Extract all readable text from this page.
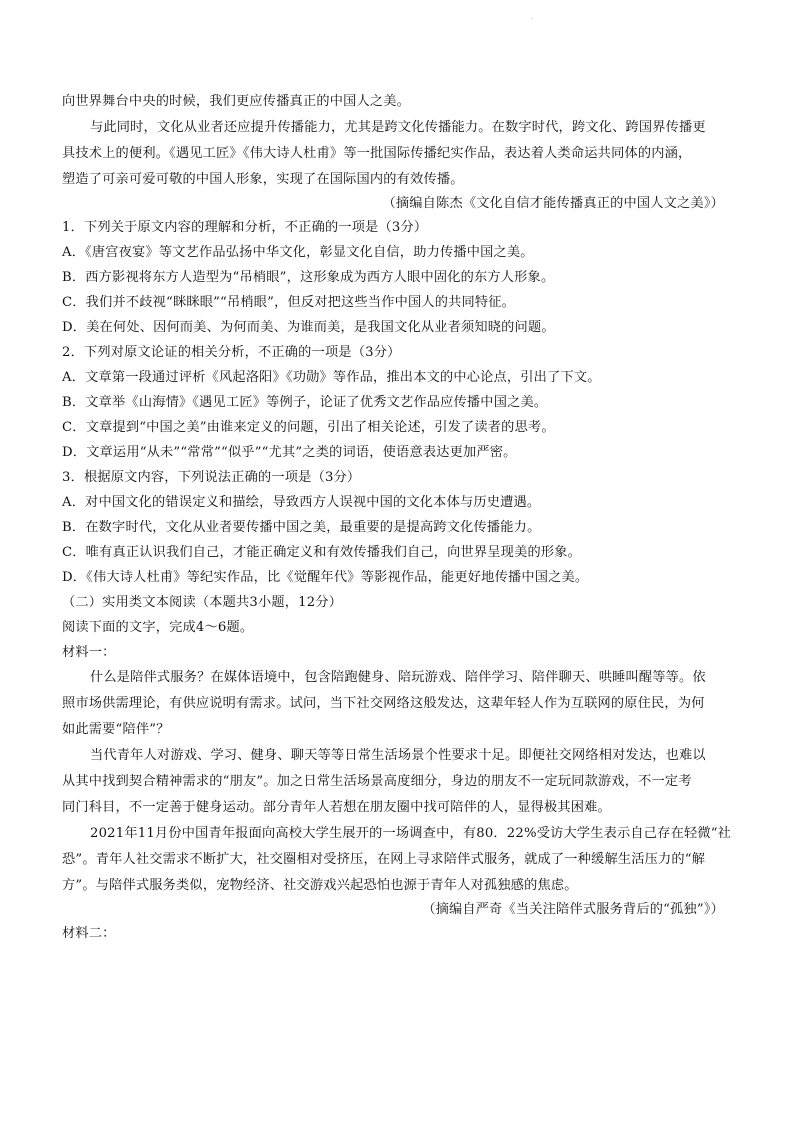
.
向世界舞台中央的时候，我们更应传播真正的中国人之美。
与此同时，文化从业者还应提升传播能力，尤其是跨文化传播能力。在数字时代，跨文化、跨国界传播更
具技术上的便利。《遇见工匠》《伟大诗人杜甫》等一批国际传播纪实作品，表达着人类命运共同体的内涵，
塑造了可亲可爱可敬的中国人形象，实现了在国际国内的有效传播。
（摘编自陈杰《文化自信才能传播真正的中国人文之美》）
1．下列关于原文内容的理解和分析，不正确的一项是（3分）
A．《唐宫夜宴》等文艺作品弘扬中华文化，彰显文化自信，助力传播中国之美。
B．西方影视将东方人造型为“吊梢眼”，这形象成为西方人眼中固化的东方人形象。
C．我们并不歧视“眯眯眼”“吊梢眼”，但反对把这些当作中国人的共同特征。
D．美在何处、因何而美、为何而美、为谁而美，是我国文化从业者须知晓的问题。
2．下列对原文论证的相关分析，不正确的一项是（3分）
A．文章第一段通过评析《风起洛阳》《功勋》等作品，推出本文的中心论点，引出了下文。
B．文章举《山海情》《遇见工匠》等例子，论证了优秀文艺作品应传播中国之美。
C．文章提到“中国之美”由谁来定义的问题，引出了相关论述，引发了读者的思考。
D．文章运用“从未”“常常”“似乎”“尤其”之类的词语，使语意表达更加严密。
3．根据原文内容，下列说法正确的一项是（3分）
A．对中国文化的错误定义和描绘，导致西方人误视中国的文化本体与历史遭遇。
B．在数字时代，文化从业者要传播中国之美，最重要的是提高跨文化传播能力。
C．唯有真正认识我们自己，才能正确定义和有效传播我们自己，向世界呈现美的形象。
D．《伟大诗人杜甫》等纪实作品，比《觉醒年代》等影视作品，能更好地传播中国之美。
（二）实用类文本阅读（本题共3小题，12分）
阅读下面的文字，完成4～6题。
材料一：
什么是陪伴式服务？在媒体语境中，包含陪跑健身、陪玩游戏、陪伴学习、陪伴聊天、哄睡叫醒等等。依
照市场供需理论，有供应说明有需求。试问，当下社交网络这般发达，这辈年轻人作为互联网的原住民，为何
如此需要“陪伴”？
当代青年人对游戏、学习、健身、聊天等等日常生活场景个性要求十足。即便社交网络相对发达，也难以
从其中找到契合精神需求的“朋友”。加之日常生活场景高度细分，身边的朋友不一定玩同款游戏，不一定考
同门科目，不一定善于健身运动。部分青年人若想在朋友圈中找可陪伴的人，显得极其困难。
2021年11月份中国青年报面向高校大学生展开的一场调查中，有80．22%受访大学生表示自己存在轻微“社
恐”。青年人社交需求不断扩大，社交圈相对受挤压，在网上寻求陪伴式服务，就成了一种缓解生活压力的“解
方”。与陪伴式服务类似，宠物经济、社交游戏兴起恐怕也源于青年人对孤独感的焦虑。
（摘编自严奇《当关注陪伴式服务背后的“孤独”》）
材料二：
